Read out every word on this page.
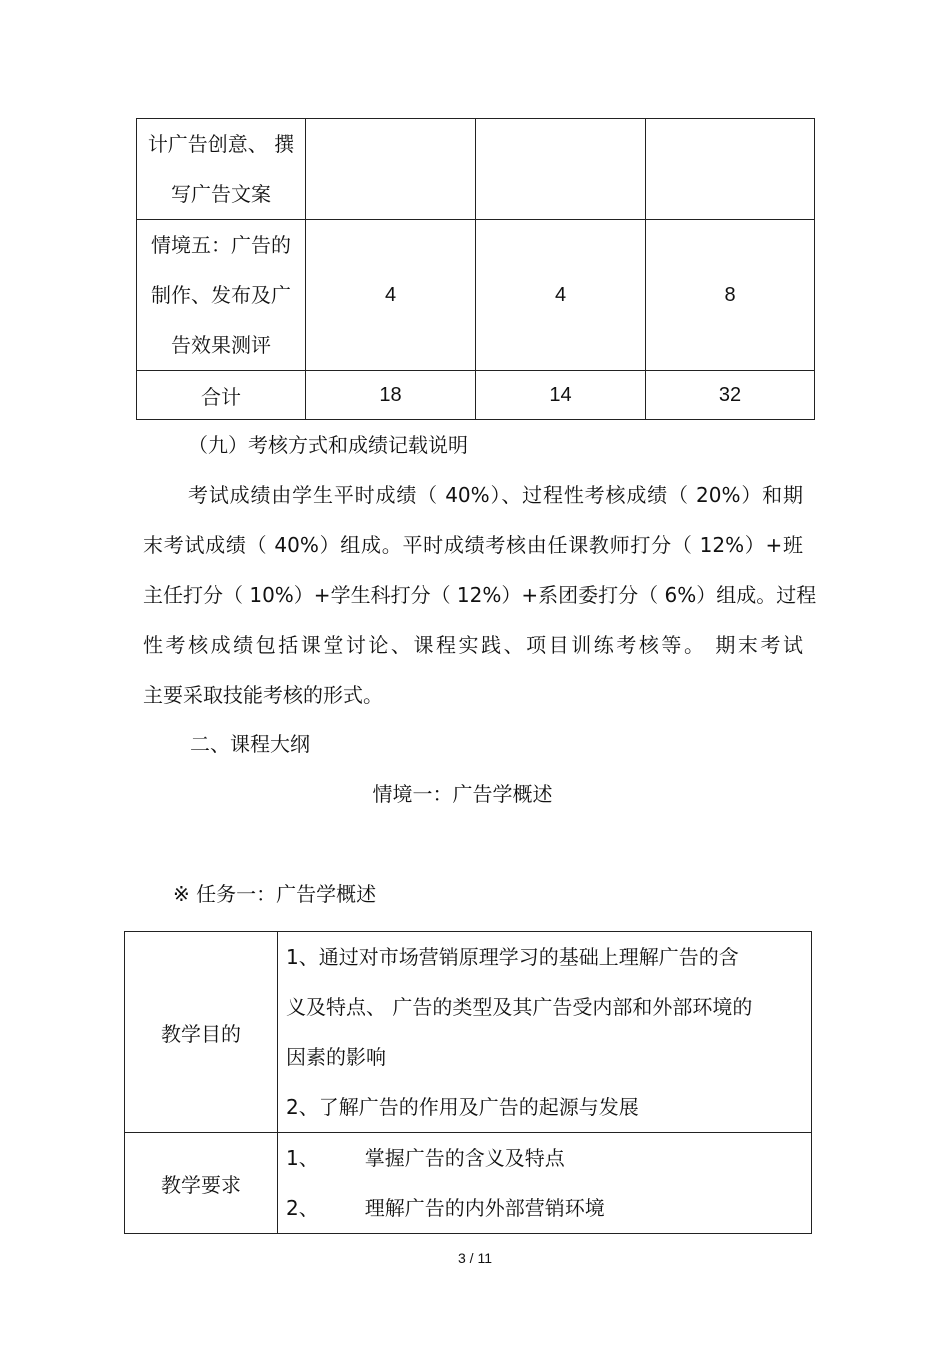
计广告创意、 撰
写广告文案			

情境五：广告的
制作、发布及广
告效果测评	4	4	8
合计	18	14	32
（九）考核方式和成绩记载说明
考试成绩由学生平时成绩（ 40%）、过程性考核成绩（ 20%）和期
末考试成绩（ 40%）组成。平时成绩考核由任课教师打分（ 12%）+班
主任打分（ 10%）+学生科打分（ 12%）+系团委打分（ 6%）组成。过程
性考核成绩包括课堂讨论、课程实践、项目训练考核等。 期末考试
主要采取技能考核的形式。
二、课程大纲
情境一：广告学概述
※ 任务一：广告学概述
教学目的	1、通过对市场营销原理学习的基础上理解广告的含
义及特点、 广告的类型及其广告受内部和外部环境的
因素的影响
2、了解广告的作用及广告的起源与发展

教学要求	1、 掌握广告的含义及特点
2、 理解广告的内外部营销环境
3 / 11
